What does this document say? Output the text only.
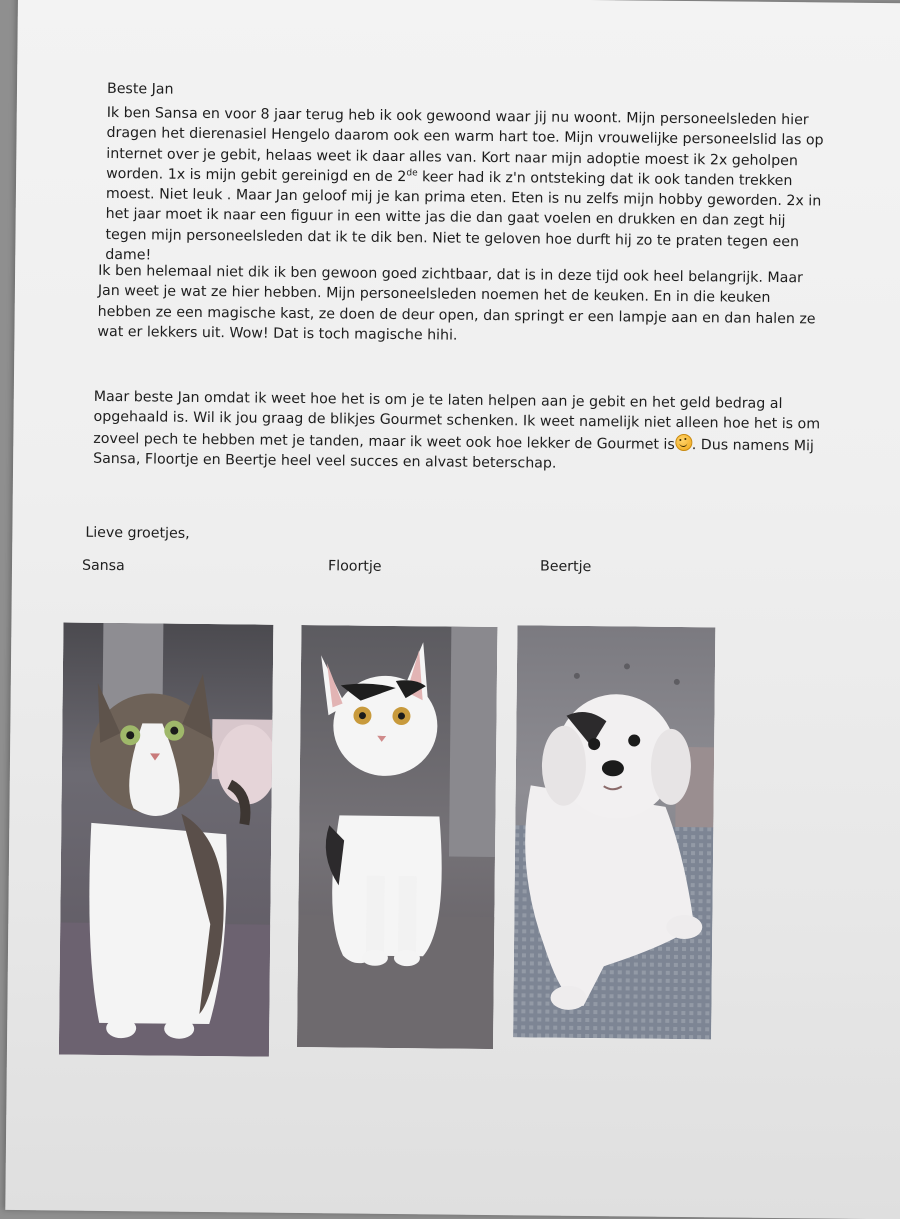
Beste Jan

Ik ben Sansa en voor 8 jaar terug heb ik ook gewoond waar jij nu woont. Mijn personeelsleden hier dragen het dierenasiel Hengelo daarom ook een warm hart toe. Mijn vrouwelijke personeelslid las op internet over je gebit, helaas weet ik daar alles van. Kort naar mijn adoptie moest ik 2x geholpen worden. 1x is mijn gebit gereinigd en de 2de keer had ik z'n ontsteking dat ik ook tanden trekken moest. Niet leuk . Maar Jan geloof mij je kan prima eten. Eten is nu zelfs mijn hobby geworden. 2x in het jaar moet ik naar een figuur in een witte jas die dan gaat voelen en drukken en dan zegt hij tegen mijn personeelsleden dat ik te dik ben. Niet te geloven hoe durft hij zo te praten tegen een dame!

Ik ben helemaal niet dik ik ben gewoon goed zichtbaar, dat is in deze tijd ook heel belangrijk. Maar Jan weet je wat ze hier hebben. Mijn personeelsleden noemen het de keuken. En in die keuken hebben ze een magische kast, ze doen de deur open, dan springt er een lampje aan en dan halen ze wat er lekkers uit. Wow! Dat is toch magische hihi.

Maar beste Jan omdat ik weet hoe het is om je te laten helpen aan je gebit en het geld bedrag al opgehaald is. Wil ik jou graag de blikjes Gourmet schenken. Ik weet namelijk niet alleen hoe het is om zoveel pech te hebben met je tanden, maar ik weet ook hoe lekker de Gourmet is . Dus namens Mij Sansa, Floortje en Beertje heel veel succes en alvast beterschap.

Lieve groetjes,
Sansa	Floortje	Beertje
